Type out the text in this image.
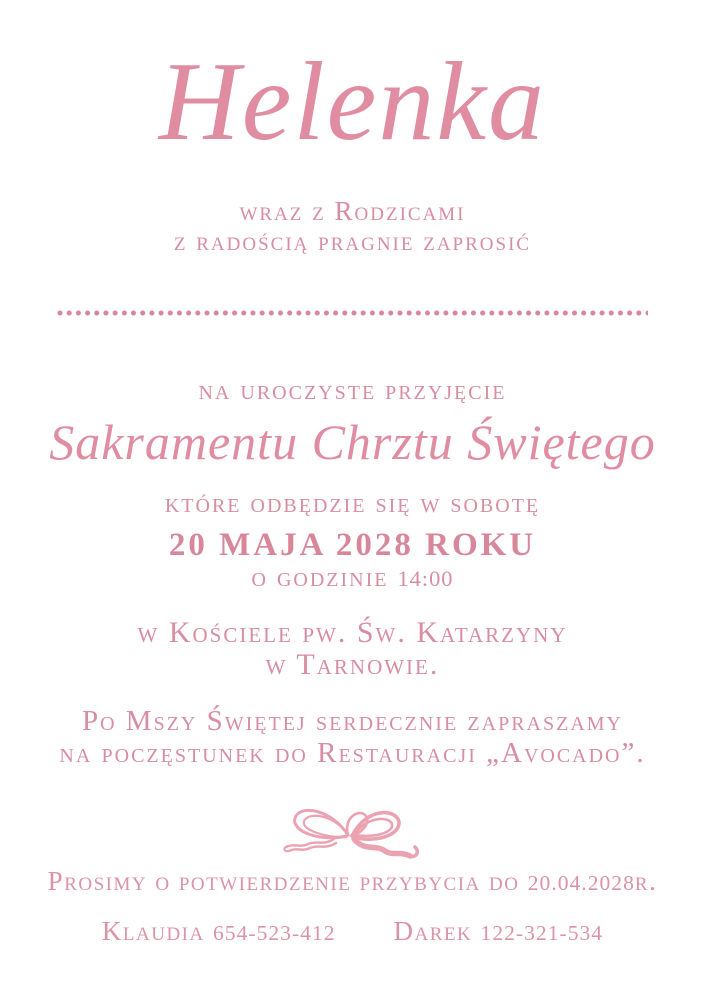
Helenka
wraz z Rodzicami
z radością pragnie zaprosić
na uroczyste przyjęcie
Sakramentu Chrztu Świętego
które odbędzie się w sobotę
20 MAJA 2028 ROKU
o godzinie 14:00
w Kościele pw. Św. Katarzyny
w Tarnowie.
Po Mszy Świętej serdecznie zapraszamy
na poczęstunek do Restauracji „Avocado”.
Prosimy o potwierdzenie przybycia do 20.04.2028r.
Klaudia 654-523-412 Darek 122-321-534
